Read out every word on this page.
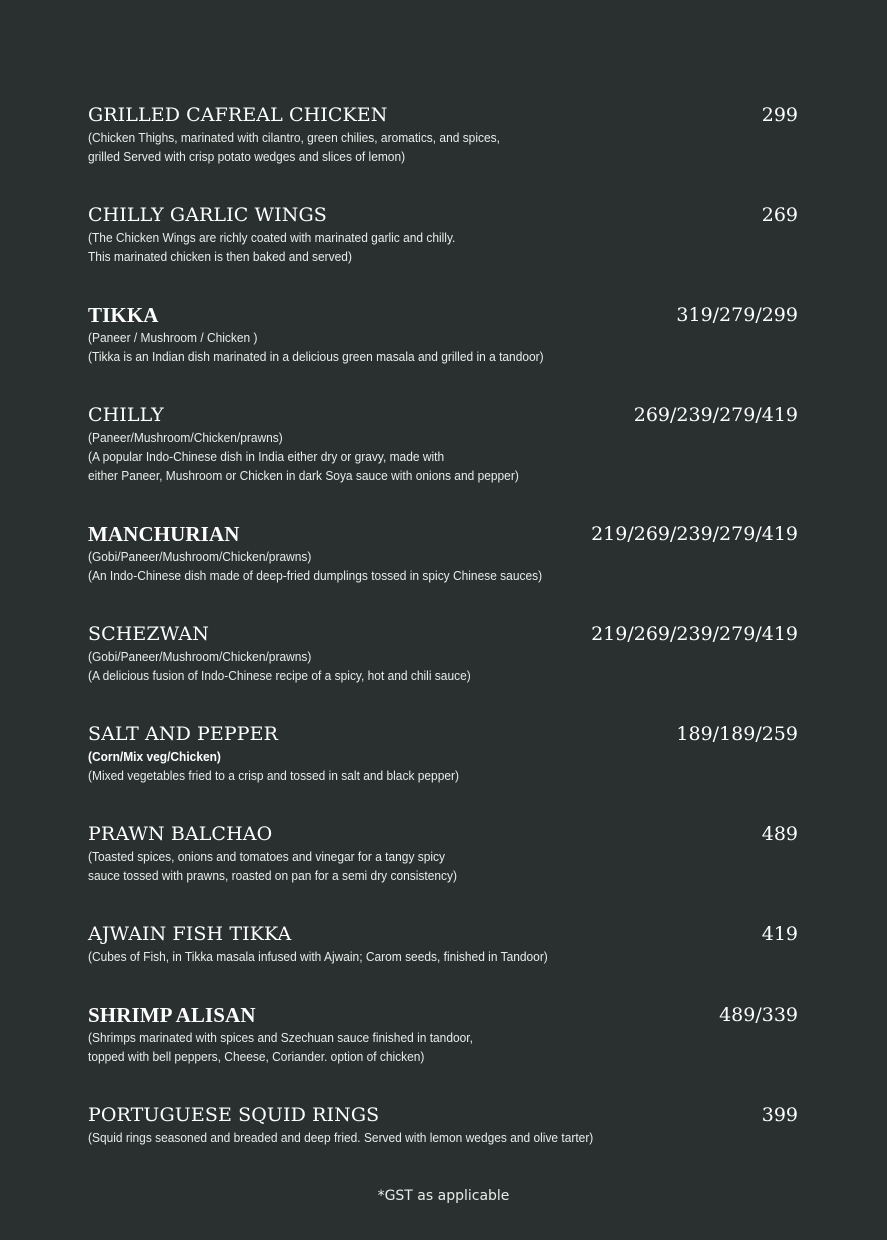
GRILLED CAFREAL CHICKEN	299
(Chicken Thighs, marinated with cilantro, green chilies, aromatics, and spices,
grilled Served with crisp potato wedges and slices of lemon)
CHILLY GARLIC WINGS	269
(The Chicken Wings are richly coated with marinated garlic and chilly.
This marinated chicken is then baked and served)
TIKKA	319/279/299
(Paneer / Mushroom / Chicken )
(Tikka is an Indian dish marinated in a delicious green masala and grilled in a tandoor)
CHILLY	269/239/279/419
(Paneer/Mushroom/Chicken/prawns)
(A popular Indo-Chinese dish in India either dry or gravy, made with
either Paneer, Mushroom or Chicken in dark Soya sauce with onions and pepper)
MANCHURIAN	219/269/239/279/419
(Gobi/Paneer/Mushroom/Chicken/prawns)
(An Indo-Chinese dish made of deep-fried dumplings tossed in spicy Chinese sauces)
SCHEZWAN	219/269/239/279/419
(Gobi/Paneer/Mushroom/Chicken/prawns)
(A delicious fusion of Indo-Chinese recipe of a spicy, hot and chili sauce)
SALT AND PEPPER	189/189/259
(Corn/Mix veg/Chicken)
(Mixed vegetables fried to a crisp and tossed in salt and black pepper)
PRAWN BALCHAO	489
(Toasted spices, onions and tomatoes and vinegar for a tangy spicy
sauce tossed with prawns, roasted on pan for a semi dry consistency)
AJWAIN FISH TIKKA	419
(Cubes of Fish, in Tikka masala infused with Ajwain; Carom seeds, finished in Tandoor)
SHRIMP ALISAN	489/339
(Shrimps marinated with spices and Szechuan sauce finished in tandoor,
topped with bell peppers, Cheese, Coriander. option of chicken)
PORTUGUESE SQUID RINGS	399
(Squid rings seasoned and breaded and deep fried. Served with lemon wedges and olive tarter)
*GST as applicable
